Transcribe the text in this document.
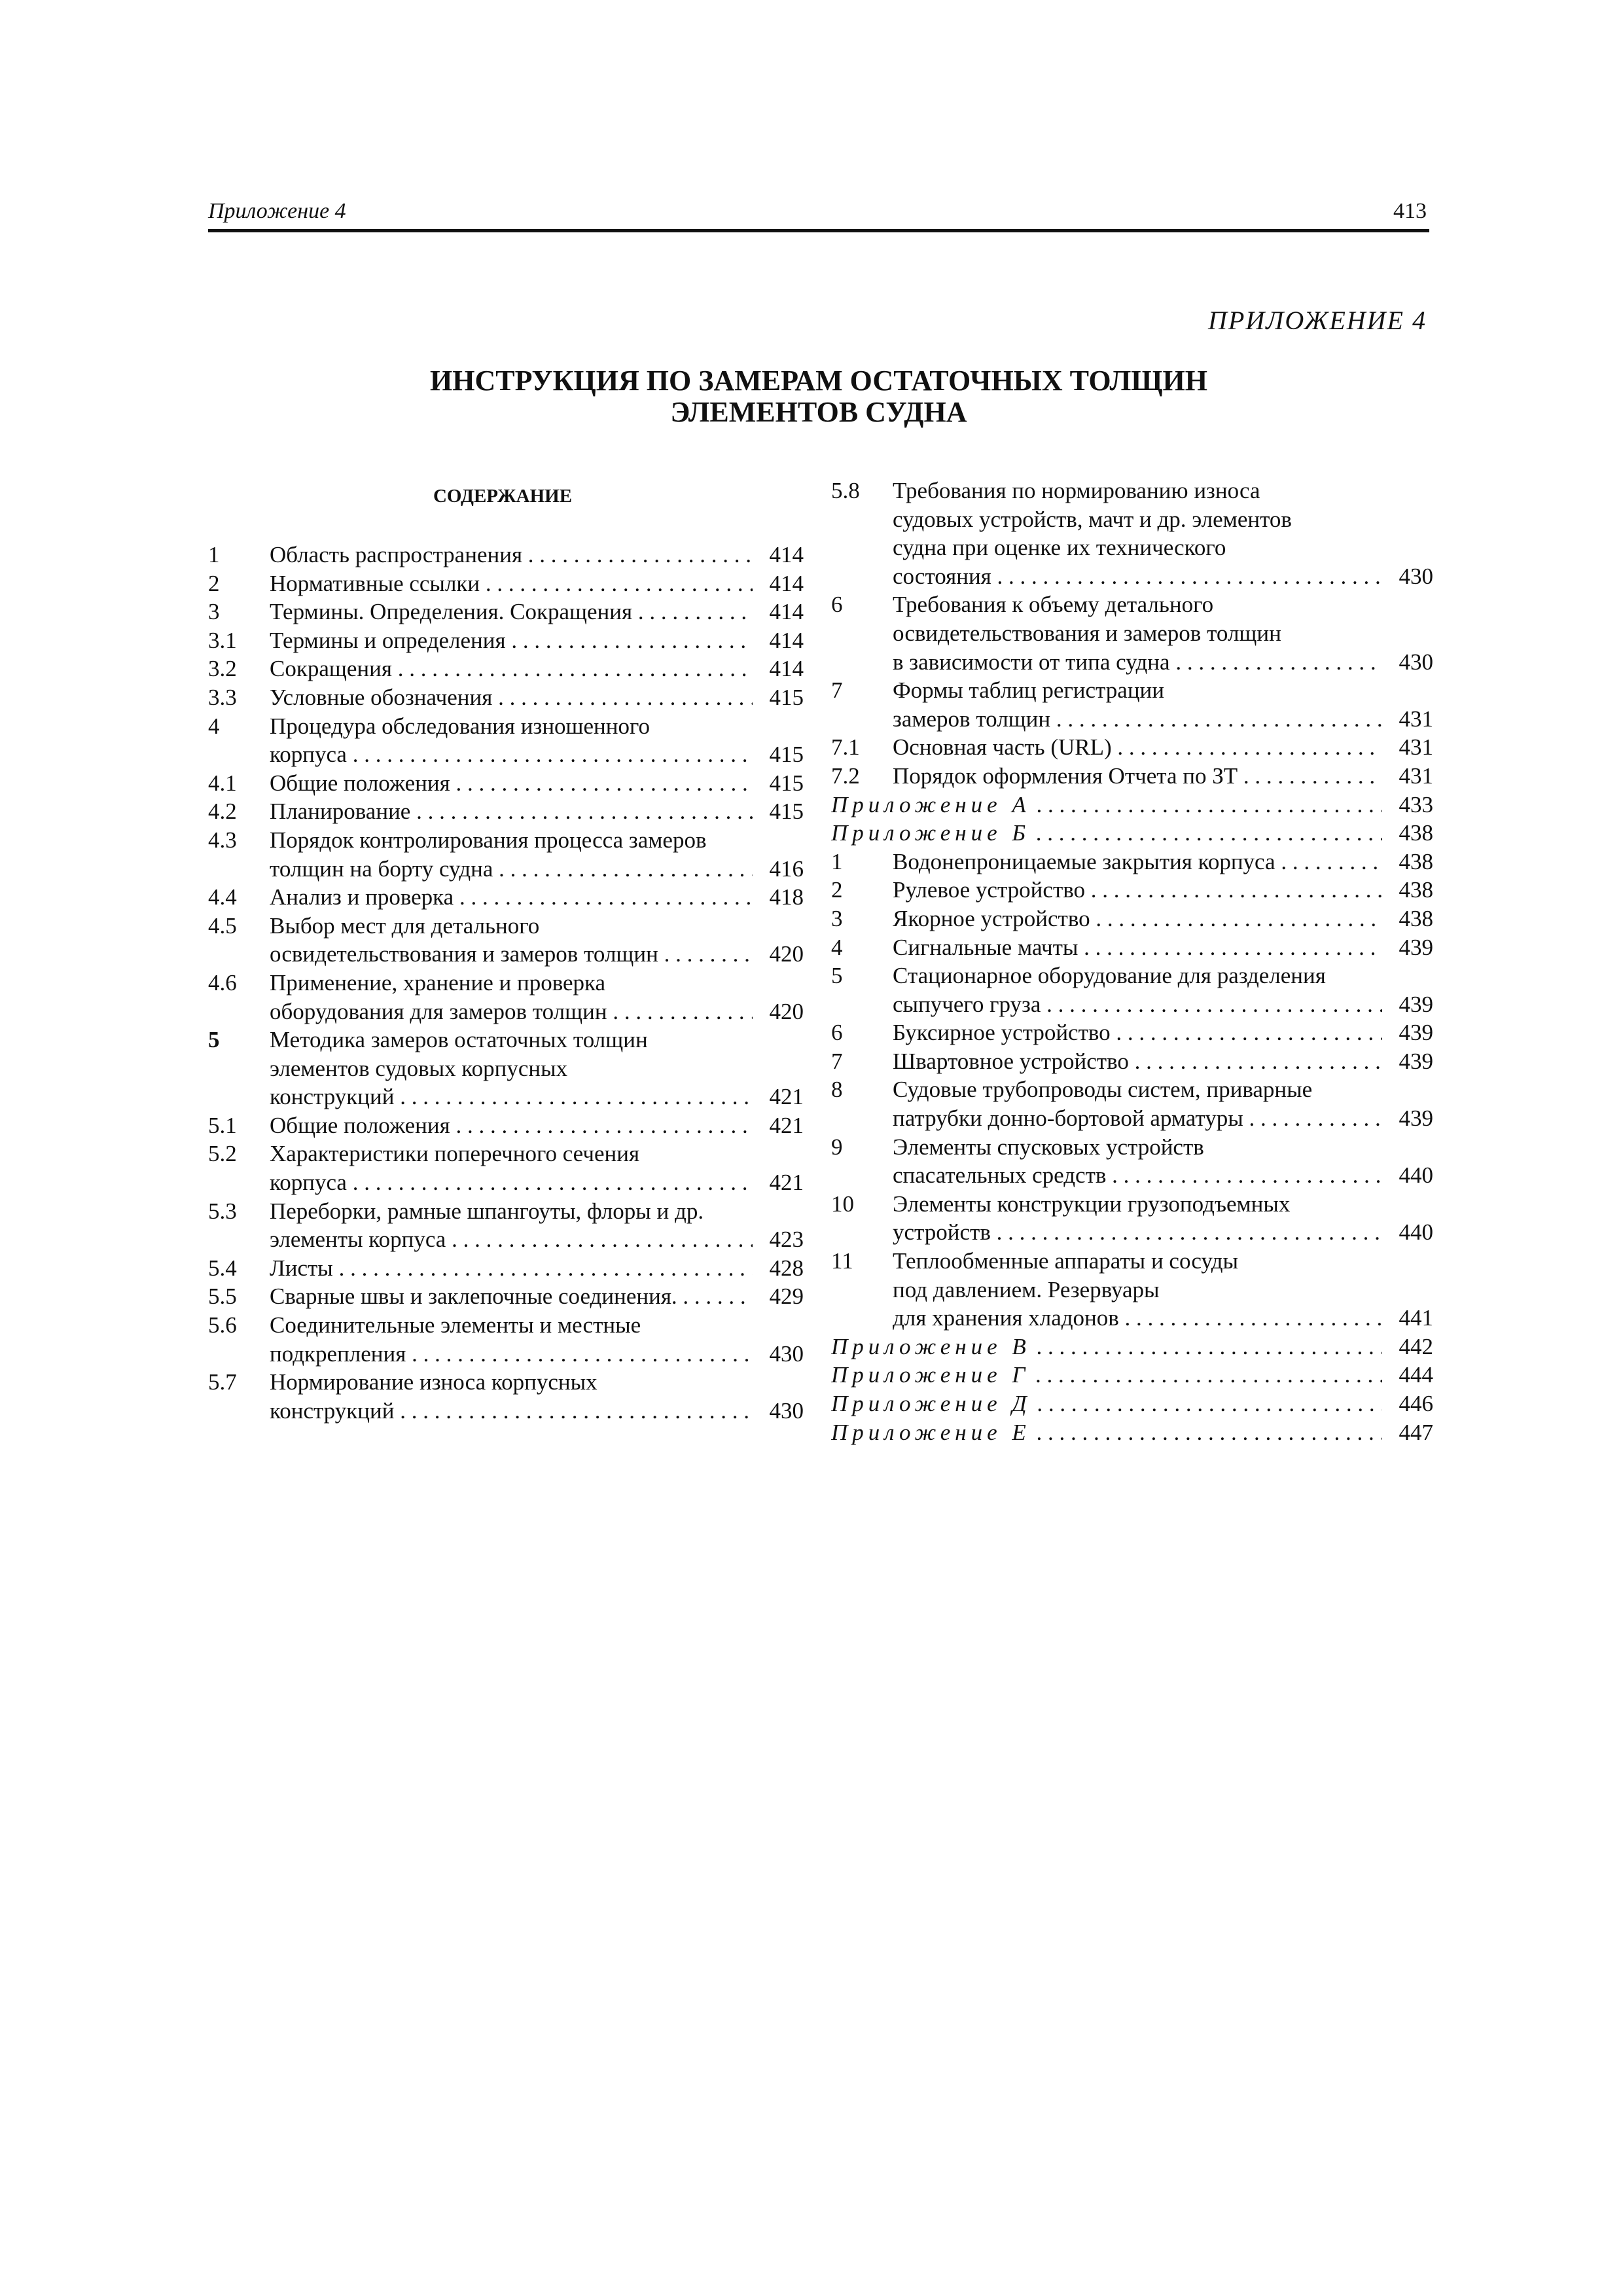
Приложение 4	413
ПРИЛОЖЕНИЕ 4
ИНСТРУКЦИЯ ПО ЗАМЕРАМ ОСТАТОЧНЫХ ТОЛЩИН
ЭЛЕМЕНТОВ СУДНА
СОДЕРЖАНИЕ
1	Область распространения . . .	414
2	Нормативные ссылки . . .	414
3	Термины. Определения. Сокращения . . .	414
3.1	Термины и определения . . .	414
3.2	Сокращения . . .	414
3.3	Условные обозначения . . .	415
4	Процедура обследования изношенного
корпуса . . .	415
4.1	Общие положения . . .	415
4.2	Планирование . . .	415
4.3	Порядок контролирования процесса замеров
толщин на борту судна . . .	416
4.4	Анализ и проверка . . .	418
4.5	Выбор мест для детального
освидетельствования и замеров толщин . . .	420
4.6	Применение, хранение и проверка
оборудования для замеров толщин . . .	420
5	Методика замеров остаточных толщин
элементов судовых корпусных
конструкций . . .	421
5.1	Общие положения . . .	421
5.2	Характеристики поперечного сечения
корпуса . . .	421
5.3	Переборки, рамные шпангоуты, флоры и др.
элементы корпуса . . .	423
5.4	Листы . . .	428
5.5	Сварные швы и заклепочные соединения. . . .	429
5.6	Соединительные элементы и местные
подкрепления . . .	430
5.7	Нормирование износа корпусных
конструкций . . .	430
5.8	Требования по нормированию износа
судовых устройств, мачт и др. элементов
судна при оценке их технического
состояния . . .	430
6	Требования к объему детального
освидетельствования и замеров толщин
в зависимости от типа судна . . .	430
7	Формы таблиц регистрации
замеров толщин . . .	431
7.1	Основная часть (URL) . . .	431
7.2	Порядок оформления Отчета по ЗТ . . .	431
Приложение А . . .	433
Приложение Б . . .	438
1	Водонепроницаемые закрытия корпуса . . .	438
2	Рулевое устройство . . .	438
3	Якорное устройство . . .	438
4	Сигнальные мачты . . .	439
5	Стационарное оборудование для разделения
сыпучего груза . . .	439
6	Буксирное устройство . . .	439
7	Швартовное устройство . . .	439
8	Судовые трубопроводы систем, приварные
патрубки донно-бортовой арматуры . . .	439
9	Элементы спусковых устройств
спасательных средств . . .	440
10	Элементы конструкции грузоподъемных
устройств . . .	440
11	Теплообменные аппараты и сосуды
под давлением. Резервуары
для хранения хладонов . . .	441
Приложение В . . .	442
Приложение Г . . .	444
Приложение Д . . .	446
Приложение Е . . .	447
